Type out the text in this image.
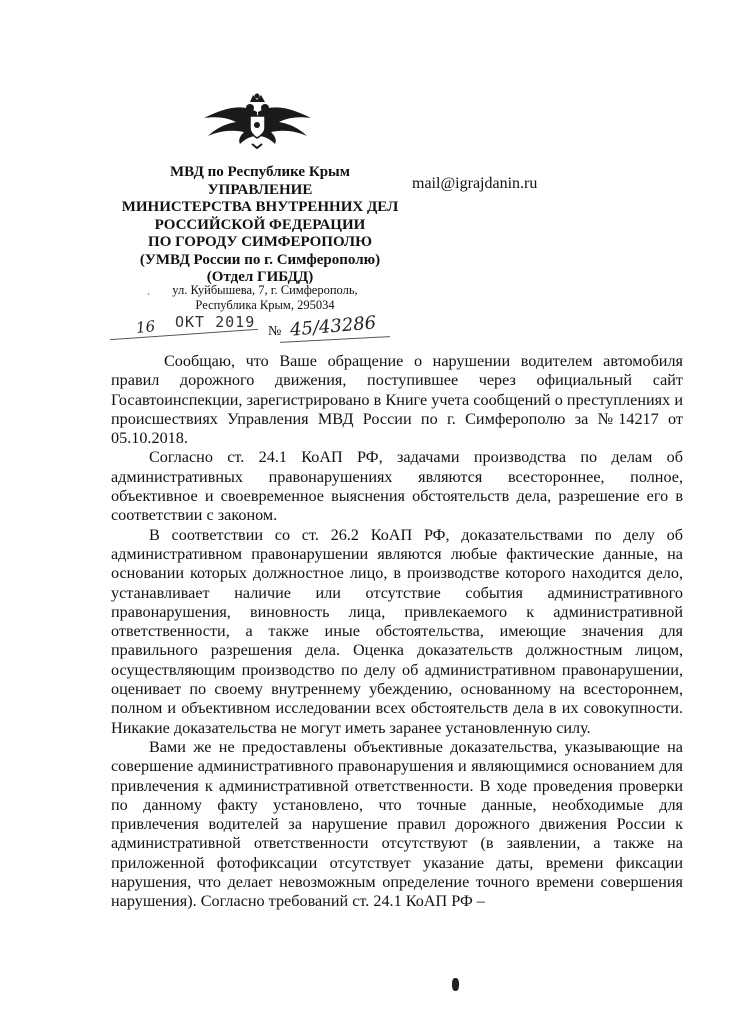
МВД по Республике Крым
УПРАВЛЕНИЕ
МИНИСТЕРСТВА ВНУТРЕННИХ ДЕЛ
РОССИЙСКОЙ ФЕДЕРАЦИИ
ПО ГОРОДУ СИМФЕРОПОЛЮ
(УМВД России по г. Симферополю)
(Отдел ГИБДД)
`
ул. Куйбышева, 7, г. Симферополь,
Республика Крым, 295034
mail@igrajdanin.ru
16 ОКТ 2019
№ 45/43286

Сообщаю, что Ваше обращение о нарушении водителем автомобиля правил дорожного движения, поступившее через официальный сайт Госавтоинспекции, зарегистрировано в Книге учета сообщений о преступлениях и происшествиях Управления МВД России по г. Симферополю за №14217 от 05.10.2018.

Согласно ст. 24.1 КоАП РФ, задачами производства по делам об административных правонарушениях являются всестороннее, полное, объективное и своевременное выяснения обстоятельств дела, разрешение его в соответствии с законом.

В соответствии со ст. 26.2 КоАП РФ, доказательствами по делу об административном правонарушении являются любые фактические данные, на основании которых должностное лицо, в производстве которого находится дело, устанавливает наличие или отсутствие события административного правонарушения, виновность лица, привлекаемого к административной ответственности, а также иные обстоятельства, имеющие значения для правильного разрешения дела. Оценка доказательств должностным лицом, осуществляющим производство по делу об административном правонарушении, оценивает по своему внутреннему убеждению, основанному на всестороннем, полном и объективном исследовании всех обстоятельств дела в их совокупности. Никакие доказательства не могут иметь заранее установленную силу.

Вами же не предоставлены объективные доказательства, указывающие на совершение административного правонарушения и являющимися основанием для привлечения к административной ответственности. В ходе проведения проверки по данному факту установлено, что точные данные, необходимые для привлечения водителей за нарушение правил дорожного движения России к административной ответственности отсутствуют (в заявлении, а также на приложенной фотофиксации отсутствует указание даты, времени фиксации нарушения, что делает невозможным определение точного времени совершения нарушения). Согласно требований ст. 24.1 КоАП РФ –
